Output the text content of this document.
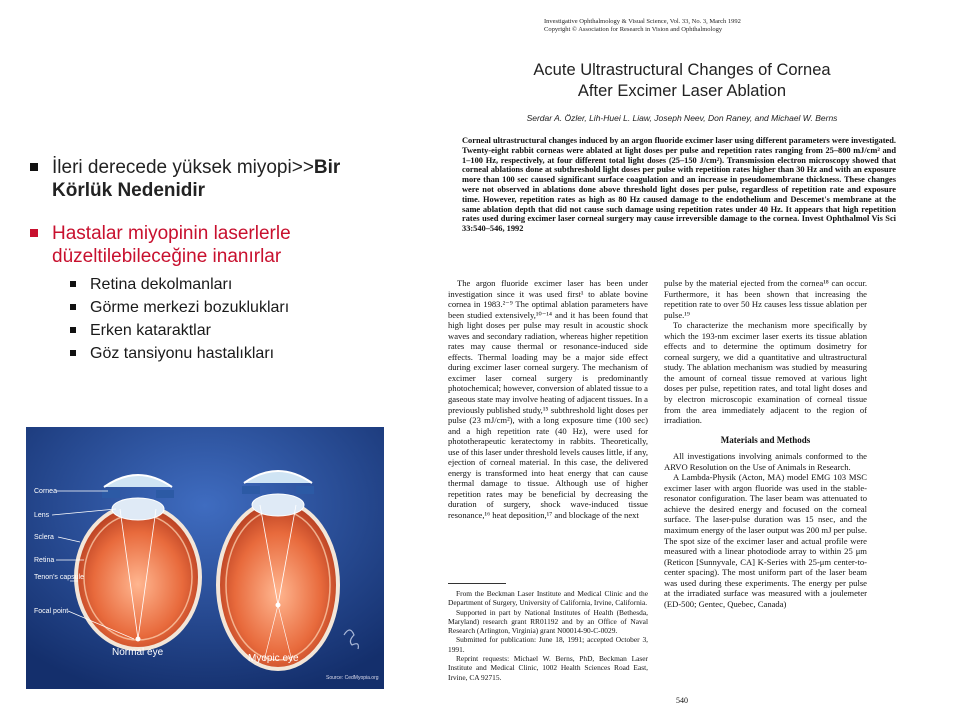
İleri derecede yüksek miyopi>>Bir Körlük Nedenidir
Hastalar miyopinin laserlerle düzeltilebileceğine inanırlar
Retina dekolmanları
Görme merkezi bozuklukları
Erken kataraktlar
Göz tansiyonu hastalıkları
Cornea
Lens
Sclera
Retina
Tenon's capsule
Focal point
Normal eye
Myopic eye
Source: CedMyopia.org
Investigative Ophthalmology & Visual Science, Vol. 33, No. 3, March 1992
Copyright © Association for Research in Vision and Ophthalmology
Acute Ultrastructural Changes of Cornea
After Excimer Laser Ablation
Serdar A. Özler, Lih-Huei L. Liaw, Joseph Neev, Don Raney, and Michael W. Berns

Corneal ultrastructural changes induced by an argon fluoride excimer laser using different parameters were investigated. Twenty-eight rabbit corneas were ablated at light doses per pulse and repetition rates ranging from 25–800 mJ/cm² and 1–100 Hz, respectively, at four different total light doses (25–150 J/cm²). Transmission electron microscopy showed that corneal ablations done at subthreshold light doses per pulse with repetition rates higher than 30 Hz and with an exposure more than 100 sec caused significant surface coagulation and an increase in pseudomembrane thickness. These changes were not observed in ablations done above threshold light doses per pulse, regardless of repetition rate and exposure time. However, repetition rates as high as 80 Hz caused damage to the endothelium and Descemet's membrane at the same ablation depth that did not cause such damage using repetition rates under 40 Hz. It appears that high repetition rates used during excimer laser corneal surgery may cause irreversible damage to the cornea. Invest Ophthalmol Vis Sci 33:540–546, 1992

The argon fluoride excimer laser has been under investigation since it was used first¹ to ablate bovine cornea in 1983.²⁻⁹ The optimal ablation parameters have been studied extensively,¹⁰⁻¹⁴ and it has been found that high light doses per pulse may result in acoustic shock waves and secondary radiation, whereas higher repetition rates may cause thermal or resonance-induced side effects. Thermal loading may be a major side effect during excimer laser corneal surgery. The mechanism of excimer laser corneal surgery is predominantly photochemical; however, conversion of ablated tissue to a gaseous state may involve heating of adjacent tissues. In a previously published study,¹⁵ subthreshold light doses per pulse (23 mJ/cm²), with a long exposure time (100 sec) and a high repetition rate (40 Hz), were used for phototherapeutic keratectomy in rabbits. Theoretically, use of this laser under threshold levels causes little, if any, ejection of corneal material. In this case, the delivered energy is transformed into heat energy that can cause thermal damage to tissue. Although use of higher repetition rates may be beneficial by decreasing the duration of surgery, shock wave-induced tissue resonance,¹⁶ heat deposition,¹⁷ and blockage of the next

pulse by the material ejected from the cornea¹⁸ can occur. Furthermore, it has been shown that increasing the repetition rate to over 50 Hz causes less tissue ablation per pulse.¹⁹

To characterize the mechanism more specifically by which the 193-nm excimer laser exerts its tissue ablation effects and to determine the optimum dosimetry for corneal surgery, we did a quantitative and ultrastructural study. The ablation mechanism was studied by measuring the amount of corneal tissue removed at various light doses per pulse, repetition rates, and total light doses and by electron microscopic examination of corneal tissue from the area immediately adjacent to the region of irradiation.

Materials and Methods

All investigations involving animals conformed to the ARVO Resolution on the Use of Animals in Research.

A Lambda-Physik (Acton, MA) model EMG 103 MSC excimer laser with argon fluoride was used in the stable-resonator configuration. The laser beam was attenuated to achieve the desired energy and focused on the corneal surface. The laser-pulse duration was 15 nsec, and the maximum energy of the laser output was 200 mJ per pulse. The spot size of the excimer laser and actual profile were measured with a linear photodiode array to within 25 μm (Reticon [Sunnyvale, CA] K-Series with 25-μm center-to-center spacing). The most uniform part of the laser beam was used during these experiments. The energy per pulse at the irradiated surface was measured with a joulemeter (ED-500; Gentec, Quebec, Canada)

From the Beckman Laser Institute and Medical Clinic and the Department of Surgery, University of California, Irvine, California.

Supported in part by National Institutes of Health (Bethesda, Maryland) research grant RR01192 and by an Office of Naval Research (Arlington, Virginia) grant N00014-90-C-0029.

Submitted for publication: June 18, 1991; accepted October 3, 1991.

Reprint requests: Michael W. Berns, PhD, Beckman Laser Institute and Medical Clinic, 1002 Health Sciences Road East, Irvine, CA 92715.

540
